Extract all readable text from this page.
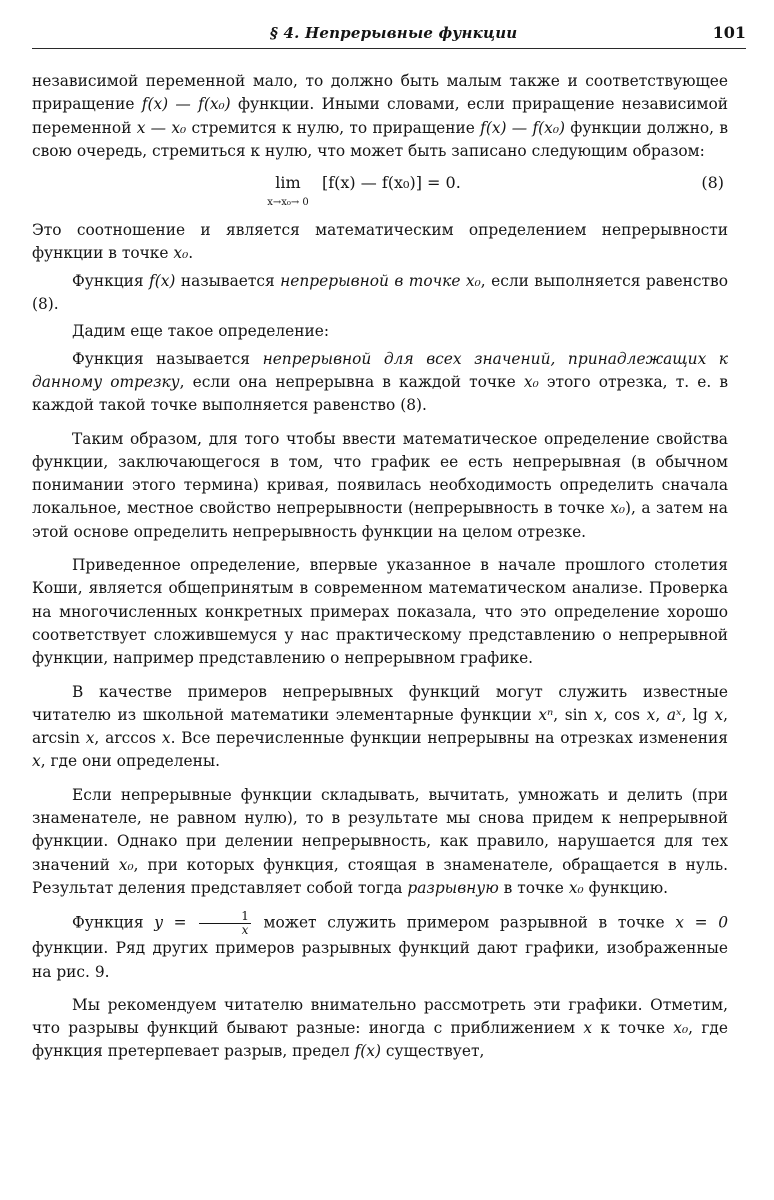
§ 4. Непрерывные функции	101

независимой переменной мало, то должно быть малым также и соответствующее приращение f(x) — f(x₀) функции. Иными словами, если приращение независимой переменной x — x₀ стремится к нулю, то приращение f(x) — f(x₀) функции должно, в свою очередь, стремиться к нулю, что может быть записано следующим образом:

lim
x→x₀→ 0
[f(x) — f(x₀)] = 0.	(8)

Это соотношение и является математическим определением непрерывности функции в точке x₀.

Функция f(x) называется непрерывной в точке x₀, если выполняется равенство (8).

Дадим еще такое определение:

Функция называется непрерывной для всех значений, принадлежащих к данному отрезку, если она непрерывна в каждой точке x₀ этого отрезка, т. е. в каждой такой точке выполняется равенство (8).

Таким образом, для того чтобы ввести математическое определение свойства функции, заключающегося в том, что график ее есть непрерывная (в обычном понимании этого термина) кривая, появилась необходимость определить сначала локальное, местное свойство непрерывности (непрерывность в точке x₀), а затем на этой основе определить непрерывность функции на целом отрезке.

Приведенное определение, впервые указанное в начале прошлого столетия Коши, является общепринятым в современном математическом анализе. Проверка на многочисленных конкретных примерах показала, что это определение хорошо соответствует сложившемуся у нас практическому представлению о непрерывной функции, например представлению о непрерывном графике.

В качестве примеров непрерывных функций могут служить известные читателю из школьной математики элементарные функции xⁿ, sin x, cos x, aˣ, lg x, arcsin x, arccos x. Все перечисленные функции непрерывны на отрезках изменения x, где они определены.

Если непрерывные функции складывать, вычитать, умножать и делить (при знаменателе, не равном нулю), то в результате мы снова придем к непрерывной функции. Однако при делении непрерывность, как правило, нарушается для тех значений x₀, при которых функция, стоящая в знаменателе, обращается в нуль. Результат деления представляет собой тогда разрывную в точке x₀ функцию.

Функция $y = \frac{1}{x}$ может служить примером разрывной в точке x = 0 функции. Ряд других примеров разрывных функций дают графики, изображенные на рис. 9.

Мы рекомендуем читателю внимательно рассмотреть эти графики. Отметим, что разрывы функций бывают разные: иногда с приближением x к точке x₀, где функция претерпевает разрыв, предел f(x) существует,
